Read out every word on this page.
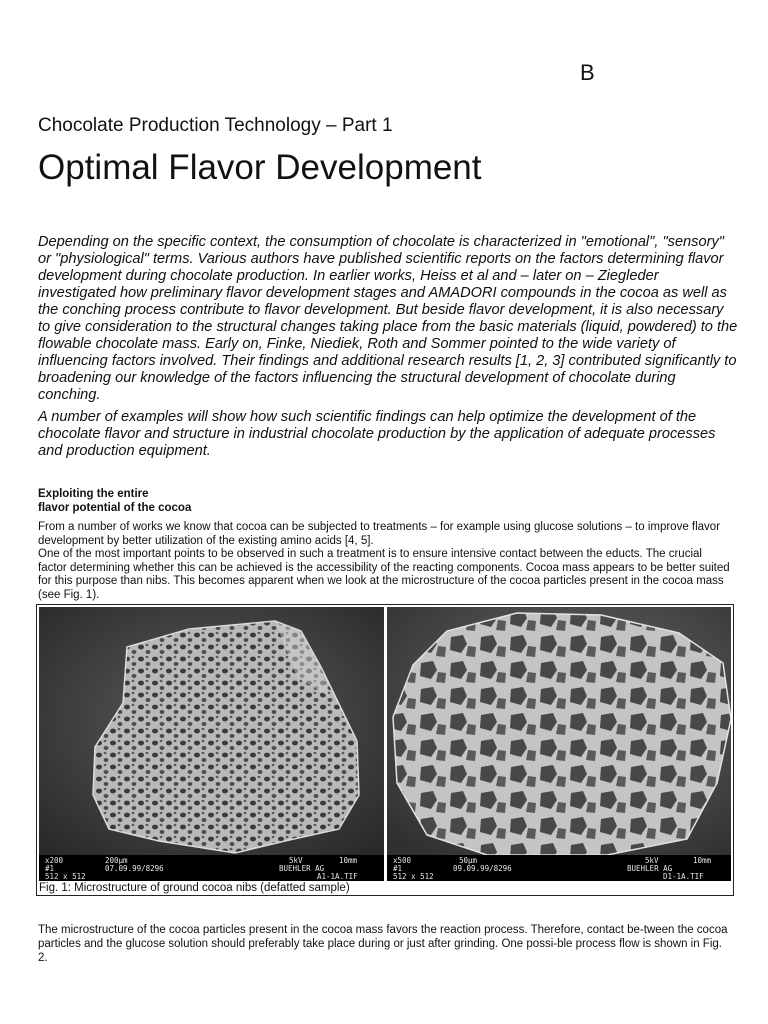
B
Chocolate Production Technology – Part 1
Optimal Flavor Development

Depending on the specific context, the consumption of chocolate is characterized in "emotional", "sensory" or "physiological" terms. Various authors have published scientific reports on the factors determining flavor development during chocolate production. In earlier works, Heiss et al and – later on – Ziegleder investigated how preliminary flavor development stages and AMADORI compounds in the cocoa as well as the conching process contribute to flavor development. But beside flavor development, it is also necessary to give consideration to the structural changes taking place from the basic materials (liquid, powdered) to the flowable chocolate mass. Early on, Finke, Niediek, Roth and Sommer pointed to the wide variety of influencing factors involved. Their findings and additional research results [1, 2, 3] contributed significantly to broadening our knowledge of the factors influencing the structural development of chocolate during conching.

A number of examples will show how such scientific findings can help optimize the development of the chocolate flavor and structure in industrial chocolate production by the application of adequate processes and production equipment.

Exploiting the entire
flavor potential of the cocoa

From a number of works we know that cocoa can be subjected to treatments – for example using glucose solutions – to improve flavor development by better utilization of the existing amino acids [4, 5].

One of the most important points to be observed in such a treatment is to ensure intensive contact between the educts. The crucial factor determining whether this can be achieved is the accessibility of the reacting components. Cocoa mass appears to be better suited for this purpose than nibs. This becomes apparent when we look at the microstructure of the cocoa particles present in the cocoa mass (see Fig. 1).

x200	200µm	5kV	10mm
#1	07.09.99/8296	BUEHLER AG
512 x 512	A1-1A.TIF
x500	50µm	5kV	10mm
#1	09.09.99/8296	BUEHLER AG
512 x 512	D1-1A.TIF
Fig. 1: Microstructure of ground cocoa nibs (defatted sample)

The microstructure of the cocoa particles present in the cocoa mass favors the reaction process. Therefore, contact be-tween the cocoa particles and the glucose solution should preferably take place during or just after grinding. One possi-ble process flow is shown in Fig. 2.
